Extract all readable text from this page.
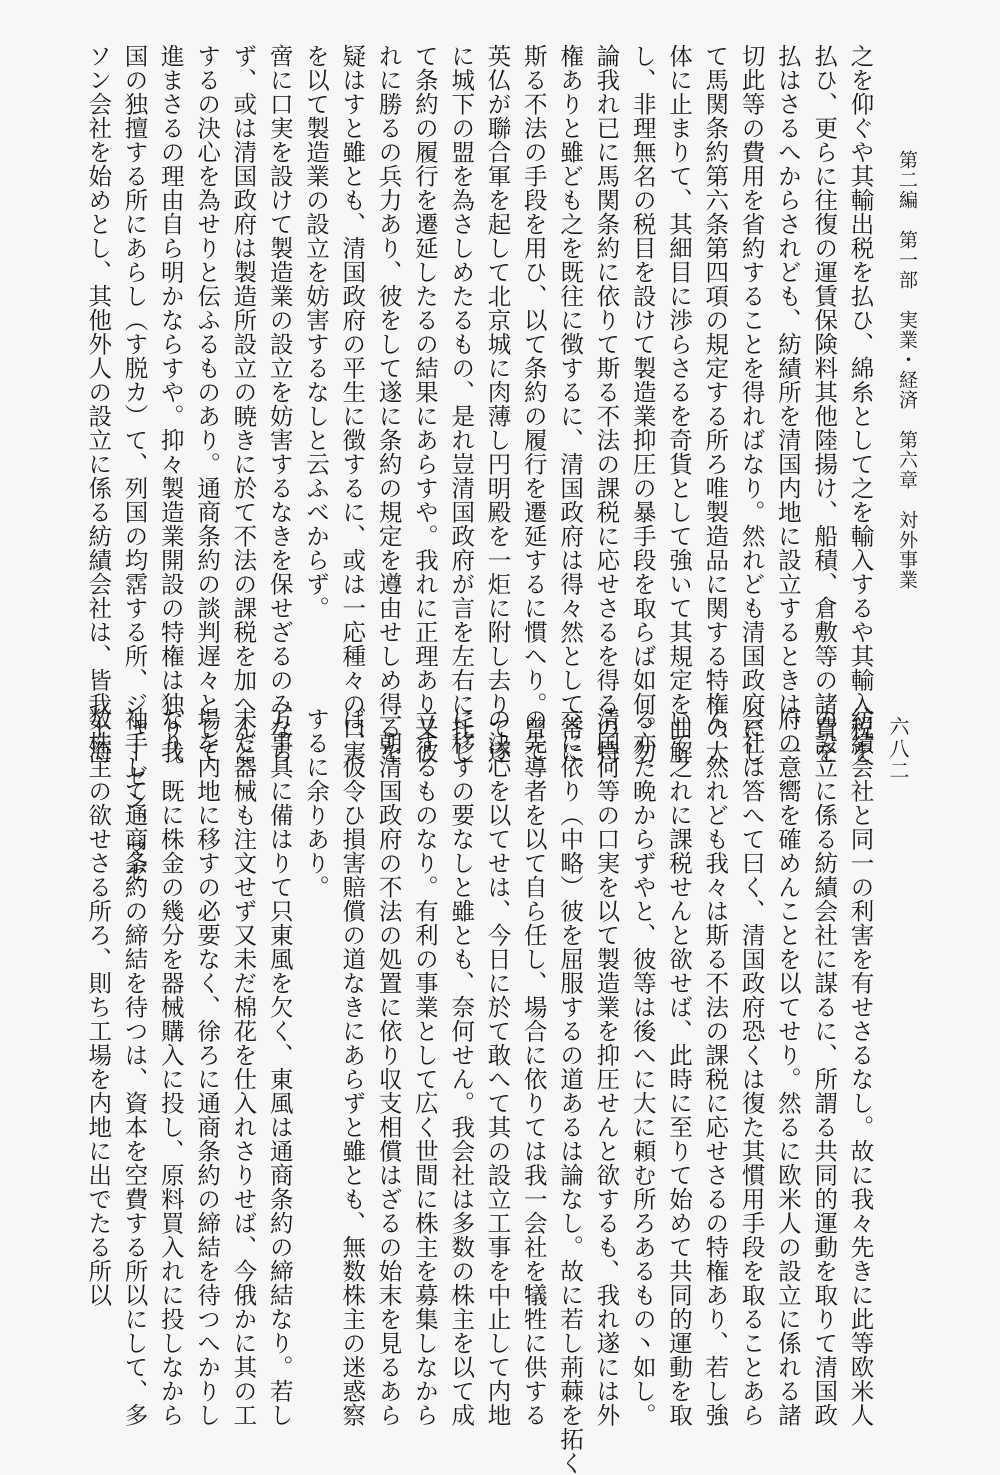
第二編　第一部　実業・経済　第六章　対外事業
六八二
之を仰ぐや其輸出税を払ひ、綿糸として之を輸入するや其輸入税を
払ひ、更らに往復の運賃保険料其他陸揚け、船積、倉敷等の諸費を
払はさるへからされども、紡績所を清国内地に設立するときは、一
切此等の費用を省約することを得ればなり。然れども清国政府にし
て馬関条約第六条第四項の規定する所ろ唯製造品に関する特権の大
体に止まりて、其細目に渉らさるを奇貨として強いて其規定を曲解
し、非理無名の税目を設けて製造業抑圧の暴手段を取らば如何。勿
論我れ已に馬関条約に依りて斯る不法の課税に応せさるを得るの特
権ありと雖ども之を既往に徴するに、清国政府は得々然として常に
斯る不法の手段を用ひ、以て条約の履行を遷延するに慣へり。曾て
英仏が聯合軍を起して北京城に肉薄し円明殿を一炬に附し去りて遂
に城下の盟を為さしめたるもの、是れ豈清国政府が言を左右に托し
て条約の履行を遷延したるの結果にあらすや。我れに正理あり又彼
れに勝るの兵力あり、彼をして遂に条約の規定を遵由せしめ得るを
疑はすと雖とも、清国政府の平生に徴するに、或は一応種々の口実
を以て製造業の設立を妨害するなしと云ふべからず。
啻に口実を設けて製造業の設立を妨害するなきを保せざるのみなら
ず、或は清国政府は製造所設立の暁きに於て不法の課税を加へんと
するの決心を為せりと伝ふるものあり。通商条約の談判遅々として
進まさるの理由自ら明かならすや。抑々製造業開設の特権は独り我
国の独擅する所にあらし（す脱カ）て、列国の均霑する所、ジャーゼン、マゼ
ソン会社を始めとし、其他外人の設立に係る紡績会社は、皆我上海
紡績会社と同一の利害を有せさるなし。故に我々先きに此等欧米人
の設立に係る紡績会社に謀るに、所謂る共同的運動を取りて清国政
府の意嚮を確めんことを以てせり。然るに欧米人の設立に係れる諸
会社は答へて曰く、清国政府恐くは復た其慣用手段を取ることあら
ん、然れども我々は斯る不法の課税に応せさるの特権あり、若し強
いて之れに課税せんと欲せば、此時に至りて始めて共同的運動を取
る亦た晩からずやと、彼等は後へに大に頼む所ろあるもの丶如し。
清国何等の口実を以て製造業を抑圧せんと欲するも、我れ遂には外
交に依り（中略）彼を屈服するの道あるは論なし。故に若し荊蕀を拓く
の先導者を以て自ら任し、場合に依りては我一会社を犠牲に供する
の決心を以てせは、今日に於て敢へて其の設立工事を中止して内地
に移すの要なしと雖とも、奈何せん。我会社は多数の株主を以て成
立するものなり。有利の事業として広く世間に株主を募集しなから
一朝清国政府の不法の処置に依り収支相償はざるの始末を見るあら
ば、仮令ひ損害賠償の道なきにあらずと雖とも、無数株主の迷惑察
するに余りあり。
万事具に備はりて只東風を欠く、東風は通商条約の締結なり。若し
未だ器械も注文せず又未だ棉花を仕入れさりせば、今俄かに其の工
場を内地に移すの必要なく、徐ろに通商条約の締結を待つへかりし
なり。既に株金の幾分を器械購入に投し、原料買入れに投しなから
袖手して通商条約の締結を待つは、資本を空費する所以にして、多
数株主の欲せさる所ろ、則ち工場を内地に出でたる所以
